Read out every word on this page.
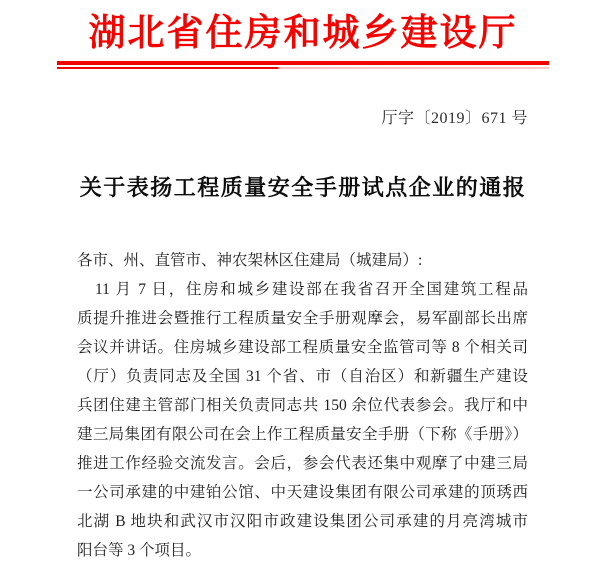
湖北省住房和城乡建设厅
厅字〔2019〕671 号
关于表扬工程质量安全手册试点企业的通报
各市、州、直管市、神农架林区住建局（城建局）:
11 月 7 日，住房和城乡建设部在我省召开全国建筑工程品
质提升推进会暨推行工程质量安全手册观摩会，易军副部长出席
会议并讲话。住房城乡建设部工程质量安全监管司等 8 个相关司
（厅）负责同志及全国 31 个省、市（自治区）和新疆生产建设
兵团住建主管部门相关负责同志共 150 余位代表参会。我厅和中
建三局集团有限公司在会上作工程质量安全手册（下称《手册》）
推进工作经验交流发言。会后，参会代表还集中观摩了中建三局
一公司承建的中建铂公馆、中天建设集团有限公司承建的顶琇西
北湖 B 地块和武汉市汉阳市政建设集团公司承建的月亮湾城市
阳台等 3 个项目。
